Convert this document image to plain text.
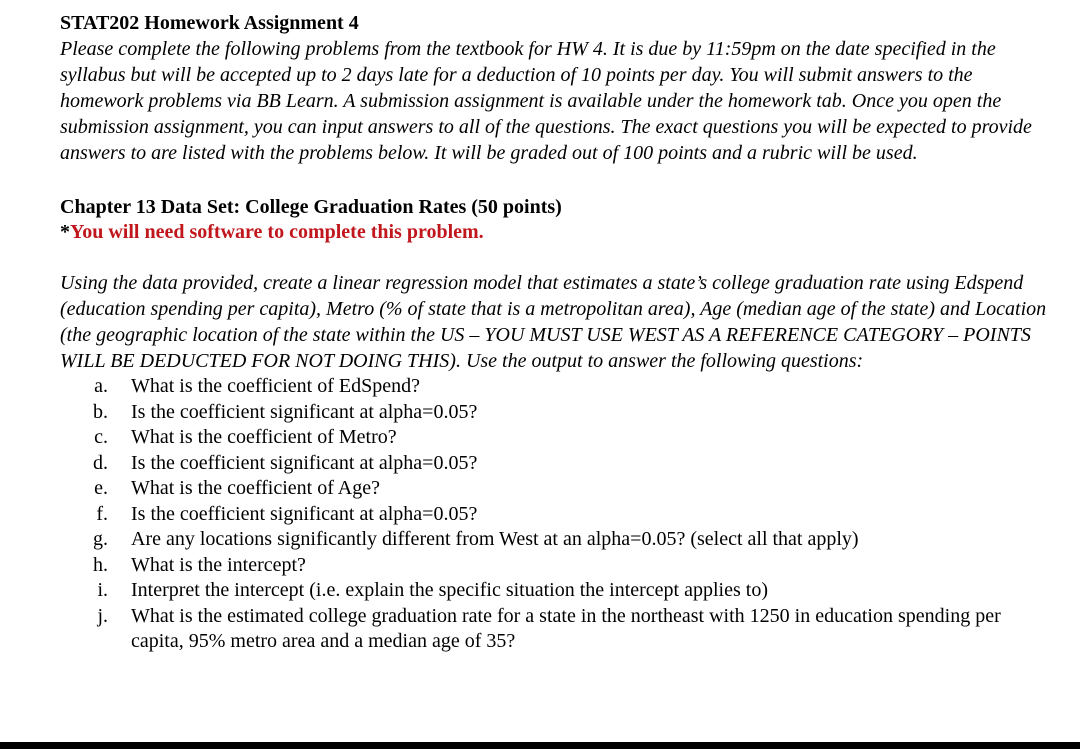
STAT202 Homework Assignment 4

Please complete the following problems from the textbook for HW 4. It is due by 11:59pm on the date specified in the syllabus but will be accepted up to 2 days late for a deduction of 10 points per day. You will submit answers to the homework problems via BB Learn. A submission assignment is available under the homework tab. Once you open the submission assignment, you can input answers to all of the questions. The exact questions you will be expected to provide answers to are listed with the problems below. It will be graded out of 100 points and a rubric will be used.

Chapter 13 Data Set: College Graduation Rates (50 points)

*You will need software to complete this problem.

Using the data provided, create a linear regression model that estimates a state’s college graduation rate using Edspend (education spending per capita), Metro (% of state that is a metropolitan area), Age (median age of the state) and Location (the geographic location of the state within the US – YOU MUST USE WEST AS A REFERENCE CATEGORY – POINTS WILL BE DEDUCTED FOR NOT DOING THIS). Use the output to answer the following questions:

a.	What is the coefficient of EdSpend?
b.	Is the coefficient significant at alpha=0.05?
c.	What is the coefficient of Metro?
d.	Is the coefficient significant at alpha=0.05?
e.	What is the coefficient of Age?
f.	Is the coefficient significant at alpha=0.05?
g.	Are any locations significantly different from West at an alpha=0.05? (select all that apply)
h.	What is the intercept?
i.	Interpret the intercept (i.e. explain the specific situation the intercept applies to)
j.	What is the estimated college graduation rate for a state in the northeast with 1250 in education spending per capita, 95% metro area and a median age of 35?
